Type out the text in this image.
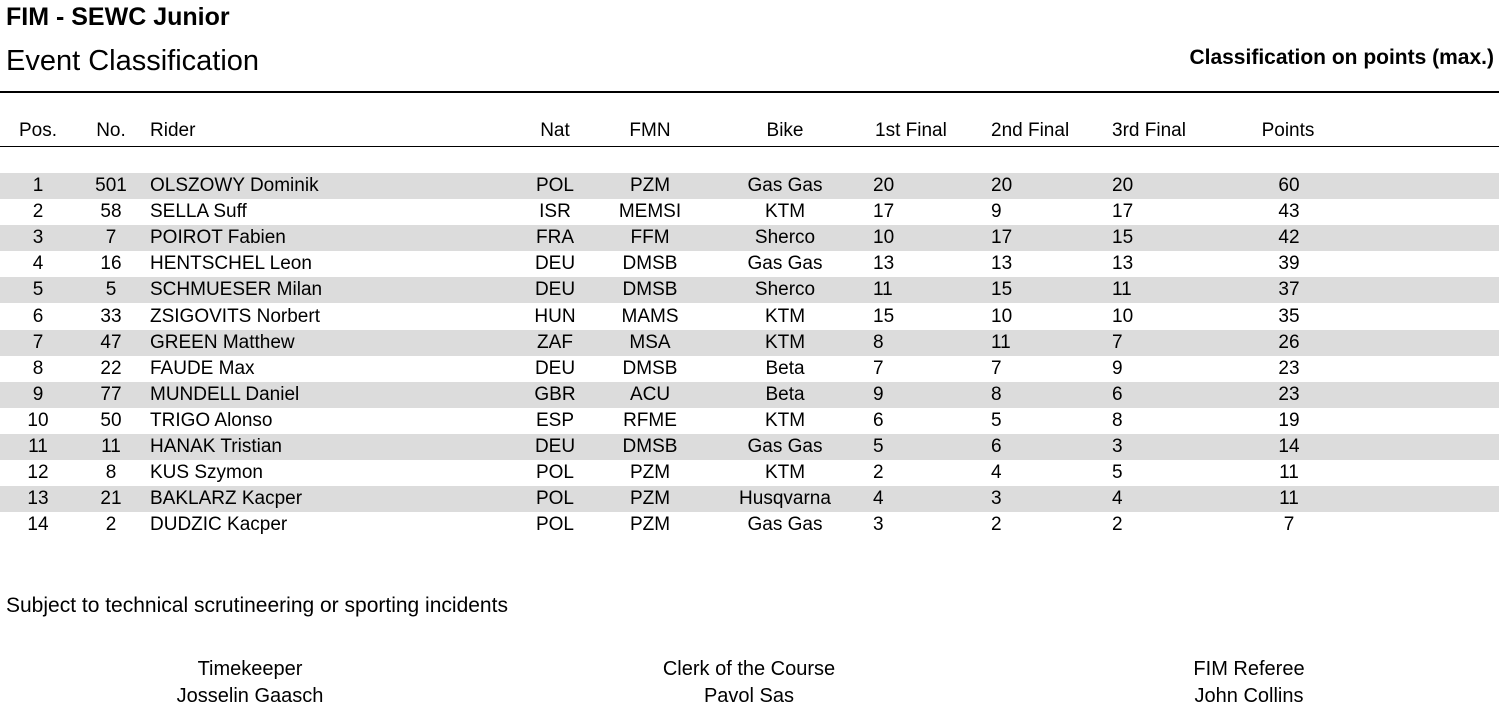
FIM - SEWC Junior
Event Classification	Classification on points (max.)
Pos. No. Rider	Nat	FMN	Bike	1st Final 2nd Final 3rd Final	Points
1	501 OLSZOWY Dominik	POL	PZM	Gas Gas	20	20	20	60
2	58 SELLA Suff	ISR	MEMSI	KTM	17	9	17	43
3	7 POIROT Fabien	FRA	FFM	Sherco	10	17	15	42
4	16 HENTSCHEL Leon	DEU DMSB	Gas Gas	13	13	13	39
5	5 SCHMUESER Milan	DEU DMSB	Sherco	11	15	11	37
6	33 ZSIGOVITS Norbert	HUN MAMS	KTM	15	10	10	35
7	47 GREEN Matthew	ZAF	MSA	KTM	8	11	7	26
8	22 FAUDE Max	DEU DMSB	Beta	7	7	9	23
9	77 MUNDELL Daniel	GBR	ACU	Beta	9	8	6	23
10	50 TRIGO Alonso	ESP	RFME	KTM	6	5	8	19
11	11 HANAK Tristian	DEU DMSB	Gas Gas	5	6	3	14
12	8 KUS Szymon	POL	PZM	KTM	2	4	5	11
13	21 BAKLARZ Kacper	POL	PZM	Husqvarna 4	3	4	11
14	2 DUDZIC Kacper	POL	PZM	Gas Gas	3	2	2	7
Subject to technical scrutineering or sporting incidents
Timekeeper
Josselin Gaasch
Clerk of the Course
Pavol Sas
FIM Referee
John Collins
